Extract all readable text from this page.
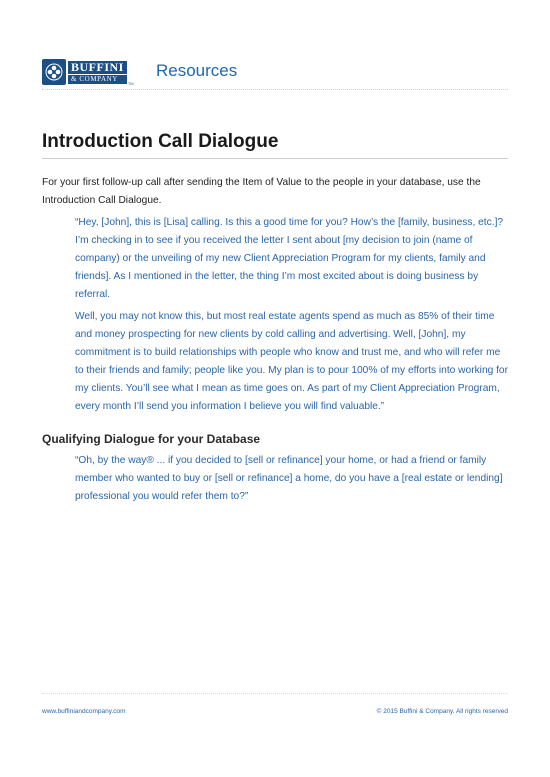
BUFFINI
& COMPANY
TM
Resources
Introduction Call Dialogue

For your first follow-up call after sending the Item of Value to the people in your database, use the Introduction Call Dialogue.

“Hey, [John], this is [Lisa] calling. Is this a good time for you? How’s the [family, business, etc.]? I’m checking in to see if you received the letter I sent about [my decision to join (name of company) or the unveiling of my new Client Appreciation Program for my clients, family and friends]. As I mentioned in the letter, the thing I’m most excited about is doing business by referral.

Well, you may not know this, but most real estate agents spend as much as 85% of their time and money prospecting for new clients by cold calling and advertising. Well, [John], my commitment is to build relationships with people who know and trust me, and who will refer me to their friends and family; people like you. My plan is to pour 100% of my efforts into working for my clients. You’ll see what I mean as time goes on. As part of my Client Appreciation Program, every month I’ll send you information I believe you will find valuable.”

Qualifying Dialogue for your Database

“Oh, by the way® ... if you decided to [sell or refinance] your home, or had a friend or family member who wanted to buy or [sell or refinance] a home, do you have a [real estate or lending] professional you would refer them to?”

www.buffiniandcompany.com	© 2015 Buffini & Company. All rights reserved
